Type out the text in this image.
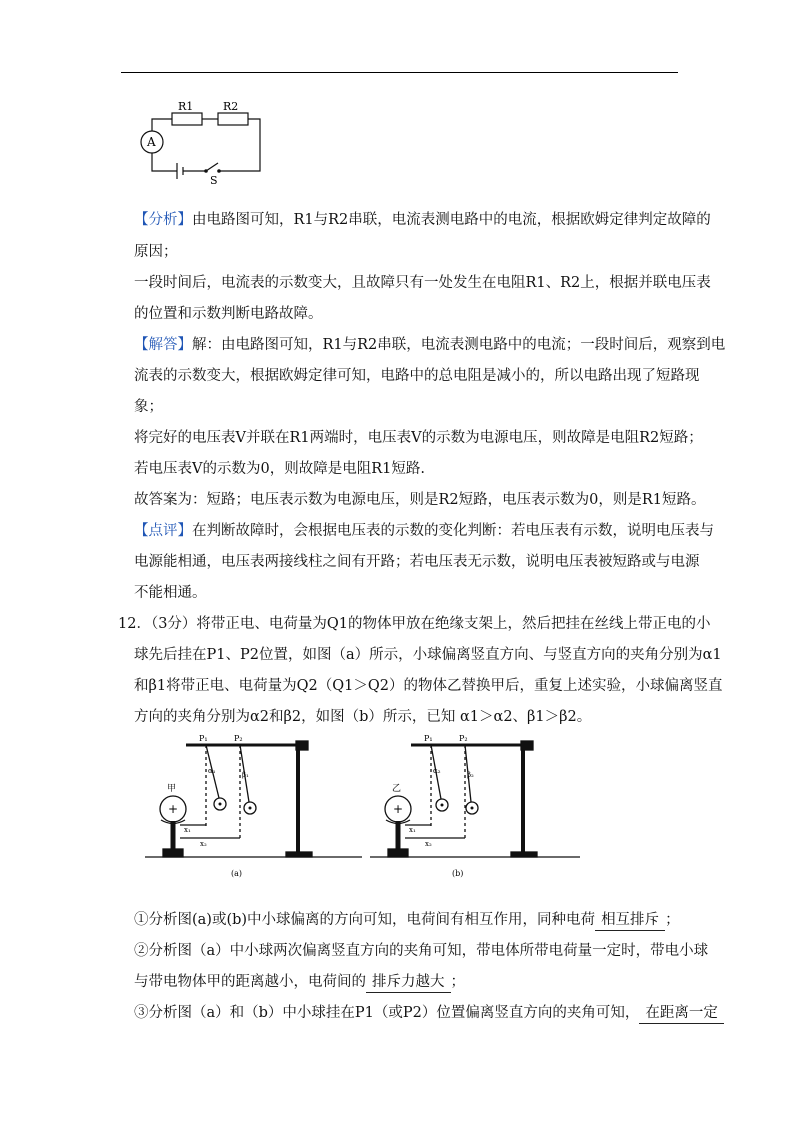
R1	R2
A
S
【分析】由电路图可知，R1与R2串联，电流表测电路中的电流，根据欧姆定律判定故障的
原因；
一段时间后，电流表的示数变大，且故障只有一处发生在电阻R1、R2上，根据并联电压表
的位置和示数判断电路故障。
【解答】解：由电路图可知，R1与R2串联，电流表测电路中的电流；一段时间后，观察到电
流表的示数变大，根据欧姆定律可知，电路中的总电阻是减小的，所以电路出现了短路现
象；
将完好的电压表V并联在R1两端时，电压表V的示数为电源电压，则故障是电阻R2短路；
若电压表V的示数为0，则故障是电阻R1短路.
故答案为：短路；电压表示数为电源电压，则是R2短路，电压表示数为0，则是R1短路。
【点评】在判断故障时，会根据电压表的示数的变化判断：若电压表有示数，说明电压表与
电源能相通，电压表两接线柱之间有开路；若电压表无示数，说明电压表被短路或与电源
不能相通。
12．（3分）将带正电、电荷量为Q1的物体甲放在绝缘支架上，然后把挂在丝线上带正电的小
球先后挂在P1、P2位置，如图（a）所示，小球偏离竖直方向、与竖直方向的夹角分别为α1
和β1将带正电、电荷量为Q2（Q1＞Q2）的物体乙替换甲后，重复上述实验，小球偏离竖直
方向的夹角分别为α2和β2，如图（b）所示，已知 α1＞α2、β1＞β2。
+
P₁	P₂
α₁	β₁
甲
x₁
x₂
(a)
+
P₁	P₂
α₂	β₂
乙
x₁
x₂
(b)
①分析图(a)或(b)中小球偏离的方向可知，电荷间有相互作用，同种电荷 相互排斥 ；
②分析图（a）中小球两次偏离竖直方向的夹角可知，带电体所带电荷量一定时，带电小球
与带电物体甲的距离越小，电荷间的 排斥力越大 ；
③分析图（a）和（b）中小球挂在P1（或P2）位置偏离竖直方向的夹角可知， 在距离一定
